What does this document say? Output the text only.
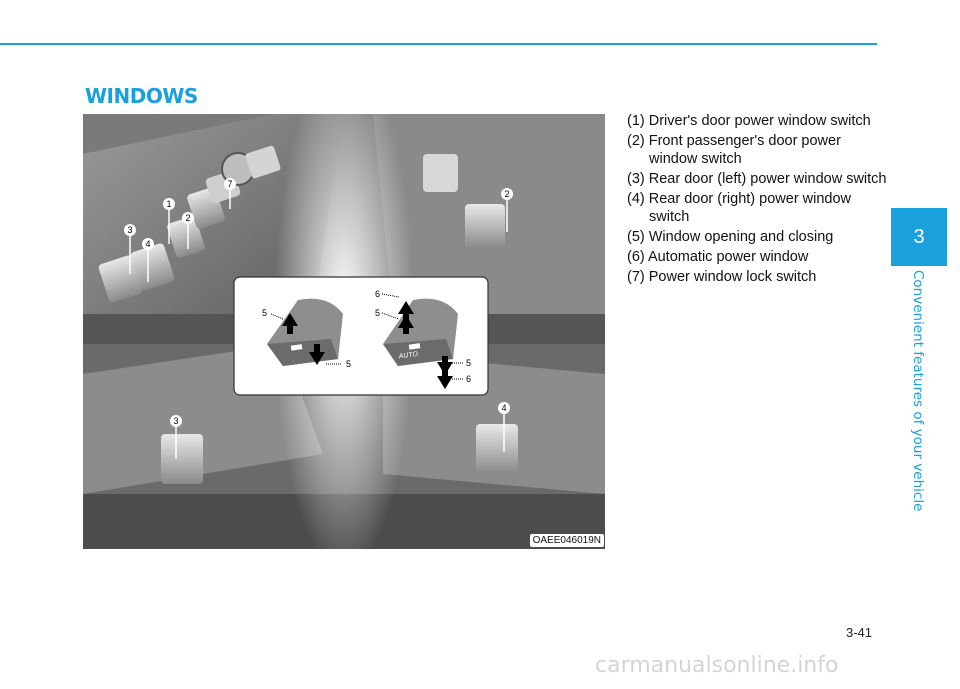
WINDOWS
1
2
3
4
7
2
3
4
5
5
AUTO
6
5
5
6
OAEE046019N
(1) Driver's door power window switch
(2) Front passenger's door power window switch
(3) Rear door (left) power window switch
(4) Rear door (right) power window switch
(5) Window opening and closing
(6) Automatic power window
(7) Power window lock switch
3
Convenient features of your vehicle
3-41
carmanualsonline.info
